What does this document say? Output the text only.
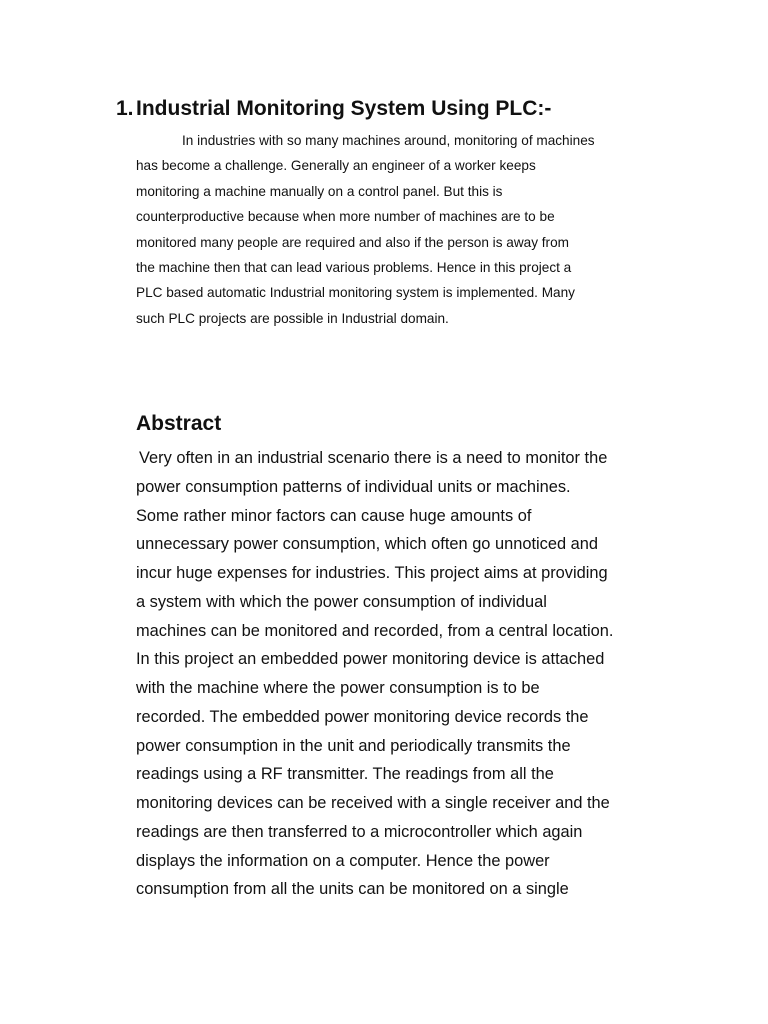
1. Industrial Monitoring System Using PLC:-

In industries with so many machines around, monitoring of machines
has become a challenge. Generally an engineer of a worker keeps
monitoring a machine manually on a control panel. But this is
counterproductive because when more number of machines are to be
monitored many people are required and also if the person is away from
the machine then that can lead various problems. Hence in this project a
PLC based automatic Industrial monitoring system is implemented. Many
such PLC projects are possible in Industrial domain.

Abstract

Very often in an industrial scenario there is a need to monitor the
power consumption patterns of individual units or machines.
Some rather minor factors can cause huge amounts of
unnecessary power consumption, which often go unnoticed and
incur huge expenses for industries. This project aims at providing
a system with which the power consumption of individual
machines can be monitored and recorded, from a central location.
In this project an embedded power monitoring device is attached
with the machine where the power consumption is to be
recorded. The embedded power monitoring device records the
power consumption in the unit and periodically transmits the
readings using a RF transmitter. The readings from all the
monitoring devices can be received with a single receiver and the
readings are then transferred to a microcontroller which again
displays the information on a computer. Hence the power
consumption from all the units can be monitored on a single
